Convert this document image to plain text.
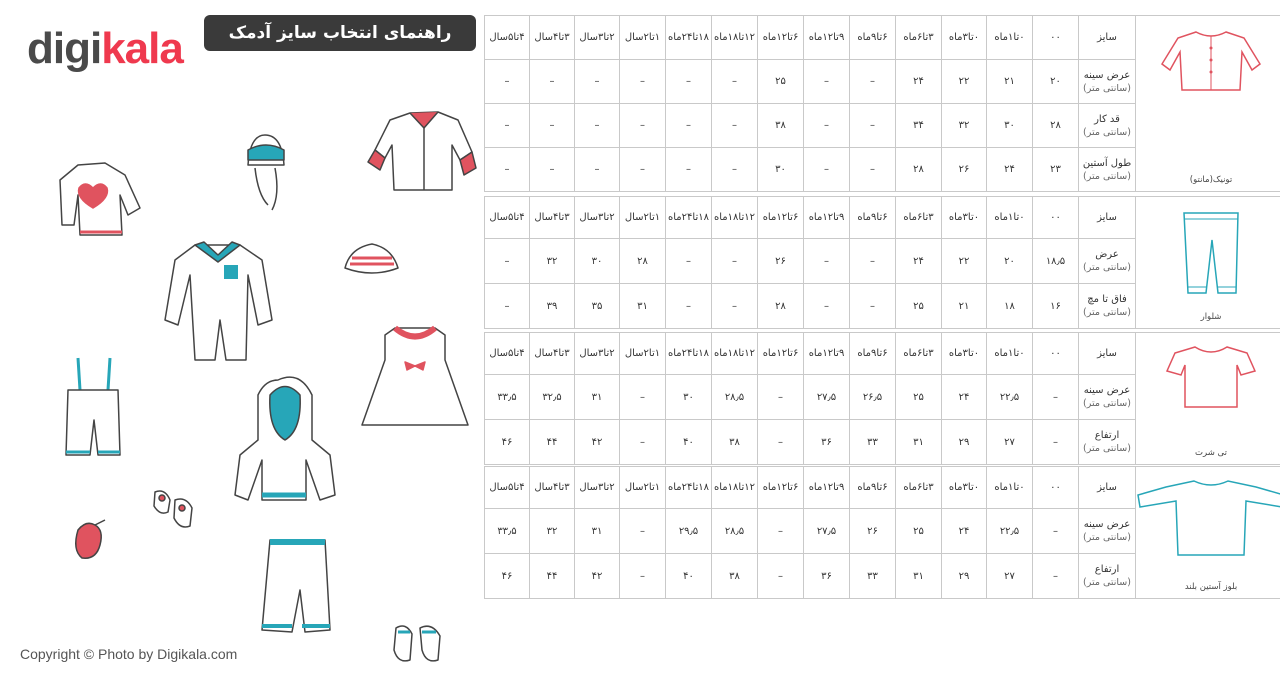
digikala	راهنمای انتخاب سایز آدمک
Copyright © Photo by Digikala.com
۴تا۵سال	۳تا۴سال	۲تا۳سال	۱تا۲سال	۱۸تا۲۴ماه	۱۲تا۱۸ماه	۶تا۱۲ماه	۹تا۱۲ماه	۶تا۹ماه	۳تا۶ماه	۰تا۳ماه	۰تا۱ماه	۰۰	سایز	تونیک(مانتو)

–	–	–	–	–	–	۲۵	–	–	۲۴	۲۲	۲۱	۲۰	عرض سینه
(سانتی متر)	

–	–	–	–	–	–	۳۸	–	–	۳۴	۳۲	۳۰	۲۸	قد کار
(سانتی متر)	

–	–	–	–	–	–	۳۰	–	–	۲۸	۲۶	۲۴	۲۳	طول آستین
(سانتی متر)	
۴تا۵سال	۳تا۴سال	۲تا۳سال	۱تا۲سال	۱۸تا۲۴ماه	۱۲تا۱۸ماه	۶تا۱۲ماه	۹تا۱۲ماه	۶تا۹ماه	۳تا۶ماه	۰تا۳ماه	۰تا۱ماه	۰۰	سایز	شلوار

–	۳۲	۳۰	۲۸	–	–	۲۶	–	–	۲۴	۲۲	۲۰	۱۸٫۵	عرض
(سانتی متر)	

–	۳۹	۳۵	۳۱	–	–	۲۸	–	–	۲۵	۲۱	۱۸	۱۶	فاق تا مچ
(سانتی متر)	
۴تا۵سال	۳تا۴سال	۲تا۳سال	۱تا۲سال	۱۸تا۲۴ماه	۱۲تا۱۸ماه	۶تا۱۲ماه	۹تا۱۲ماه	۶تا۹ماه	۳تا۶ماه	۰تا۳ماه	۰تا۱ماه	۰۰	سایز	تی شرت

۳۳٫۵	۳۲٫۵	۳۱	–	۳۰	۲۸٫۵	–	۲۷٫۵	۲۶٫۵	۲۵	۲۴	۲۲٫۵	–	عرض سینه
(سانتی متر)	

۴۶	۴۴	۴۲	–	۴۰	۳۸	–	۳۶	۳۳	۳۱	۲۹	۲۷	–	ارتفاع
(سانتی متر)	
۴تا۵سال	۳تا۴سال	۲تا۳سال	۱تا۲سال	۱۸تا۲۴ماه	۱۲تا۱۸ماه	۶تا۱۲ماه	۹تا۱۲ماه	۶تا۹ماه	۳تا۶ماه	۰تا۳ماه	۰تا۱ماه	۰۰	سایز	بلوز آستین بلند

۳۳٫۵	۳۲	۳۱	–	۲۹٫۵	۲۸٫۵	–	۲۷٫۵	۲۶	۲۵	۲۴	۲۲٫۵	–	عرض سینه
(سانتی متر)	

۴۶	۴۴	۴۲	–	۴۰	۳۸	–	۳۶	۳۳	۳۱	۲۹	۲۷	–	ارتفاع
(سانتی متر)	
